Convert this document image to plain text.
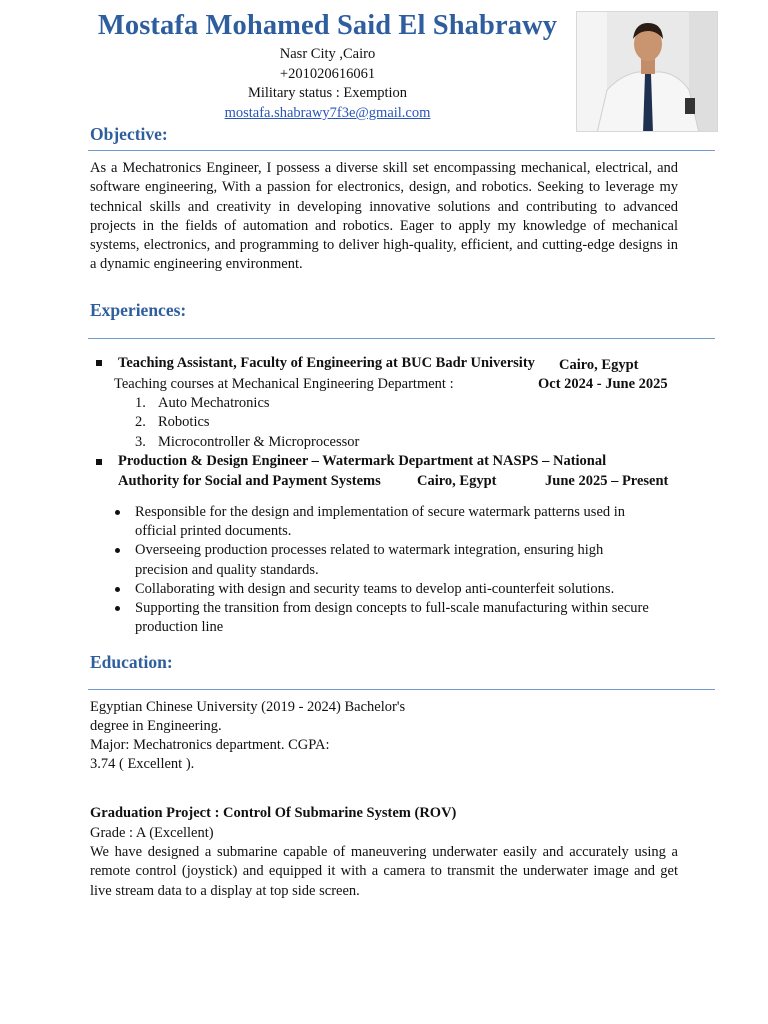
Mostafa Mohamed Said El Shabrawy
Nasr City ,Cairo
+201020616061
Military status : Exemption
mostafa.shabrawy7f3e@gmail.com
Objective:
As a Mechatronics Engineer, I possess a diverse skill set encompassing mechanical, electrical, and software engineering, With a passion for electronics, design, and robotics. Seeking to leverage my technical skills and creativity in developing innovative solutions and contributing to advanced projects in the fields of automation and robotics. Eager to apply my knowledge of mechanical systems, electronics, and programming to deliver high-quality, efficient, and cutting-edge designs in a dynamic engineering environment.
Experiences:
Teaching Assistant, Faculty of Engineering at BUC Badr University Cairo, Egypt
Teaching courses at Mechanical Engineering Department :	Oct 2024 - June 2025
1. Auto Mechatronics
2. Robotics
3. Microcontroller & Microprocessor
Production & Design Engineer – Watermark Department at NASPS – National
Authority for Social and Payment Systems	Cairo, Egypt	June 2025 – Present
Responsible for the design and implementation of secure watermark patterns used in
official printed documents.
Overseeing production processes related to watermark integration, ensuring high
precision and quality standards.
Collaborating with design and security teams to develop anti-counterfeit solutions.
Supporting the transition from design concepts to full-scale manufacturing within secure
production line
Education:
Egyptian Chinese University (2019 - 2024) Bachelor's
degree in Engineering.
Major: Mechatronics department. CGPA:
3.74 ( Excellent ).
Graduation Project : Control Of Submarine System (ROV)
Grade : A (Excellent)
We have designed a submarine capable of maneuvering underwater easily and accurately using a remote control (joystick) and equipped it with a camera to transmit the underwater image and get live stream data to a display at top side screen.
